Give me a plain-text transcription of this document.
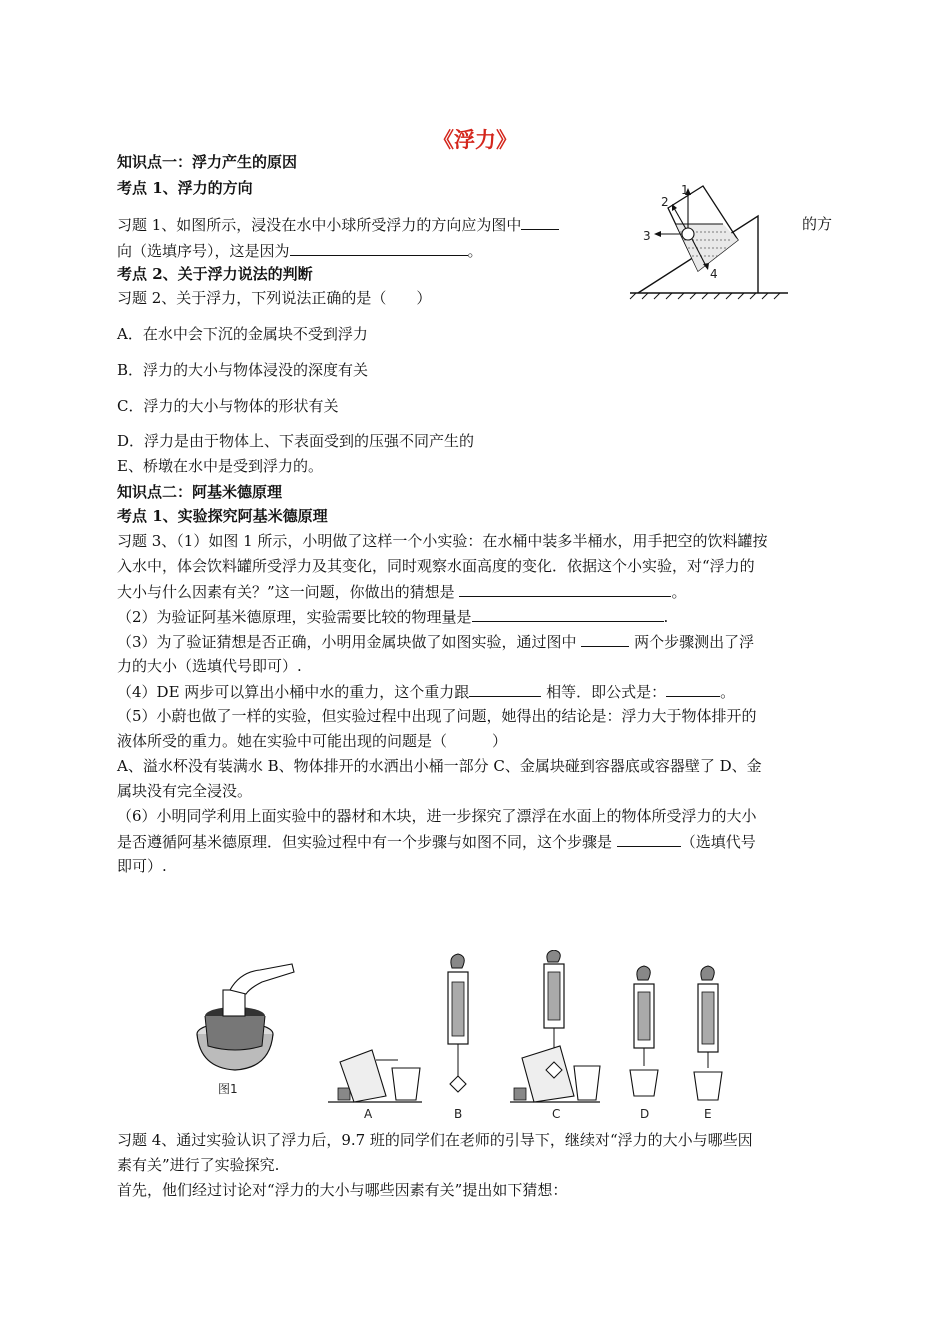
《浮力》
知识点一：浮力产生的原因
考点 1、浮力的方向
习题 1、如图所示，浸没在水中小球所受浮力的方向应为图中	的方
向（选填序号），这是因为	。
1
2
3
4
考点 2、关于浮力说法的判断
习题 2、关于浮力，下列说法正确的是（　　）
A．在水中会下沉的金属块不受到浮力
B．浮力的大小与物体浸没的深度有关
C．浮力的大小与物体的形状有关
D．浮力是由于物体上、下表面受到的压强不同产生的
E、桥墩在水中是受到浮力的。
知识点二：阿基米德原理
考点 1、实验探究阿基米德原理
习题 3、（1）如图 1 所示，小明做了这样一个小实验：在水桶中装多半桶水，用手把空的饮料罐按
入水中，体会饮料罐所受浮力及其变化，同时观察水面高度的变化．依据这个小实验，对“浮力的
大小与什么因素有关？”这一问题，你做出的猜想是	。
（2）为验证阿基米德原理，实验需要比较的物理量是	.
（3）为了验证猜想是否正确，小明用金属块做了如图实验，通过图中	两个步骤测出了浮
力的大小（选填代号即可）.
（4）DE 两步可以算出小桶中水的重力，这个重力跟	相等．即公式是：	。
（5）小蔚也做了一样的实验，但实验过程中出现了问题，她得出的结论是：浮力大于物体排开的
液体所受的重力。她在实验中可能出现的问题是（　　　）
A、溢水杯没有装满水 B、物体排开的水洒出小桶一部分 C、金属块碰到容器底或容器壁了 D、金
属块没有完全浸没。
（6）小明同学利用上面实验中的器材和木块，进一步探究了漂浮在水面上的物体所受浮力的大小
是否遵循阿基米德原理．但实验过程中有一个步骤与如图不同，这个步骤是	（选填代号
即可）.
图1
A	B	C	D	E
习题 4、通过实验认识了浮力后，9.7 班的同学们在老师的引导下，继续对“浮力的大小与哪些因
素有关”进行了实验探究.
首先，他们经过讨论对“浮力的大小与哪些因素有关”提出如下猜想：
